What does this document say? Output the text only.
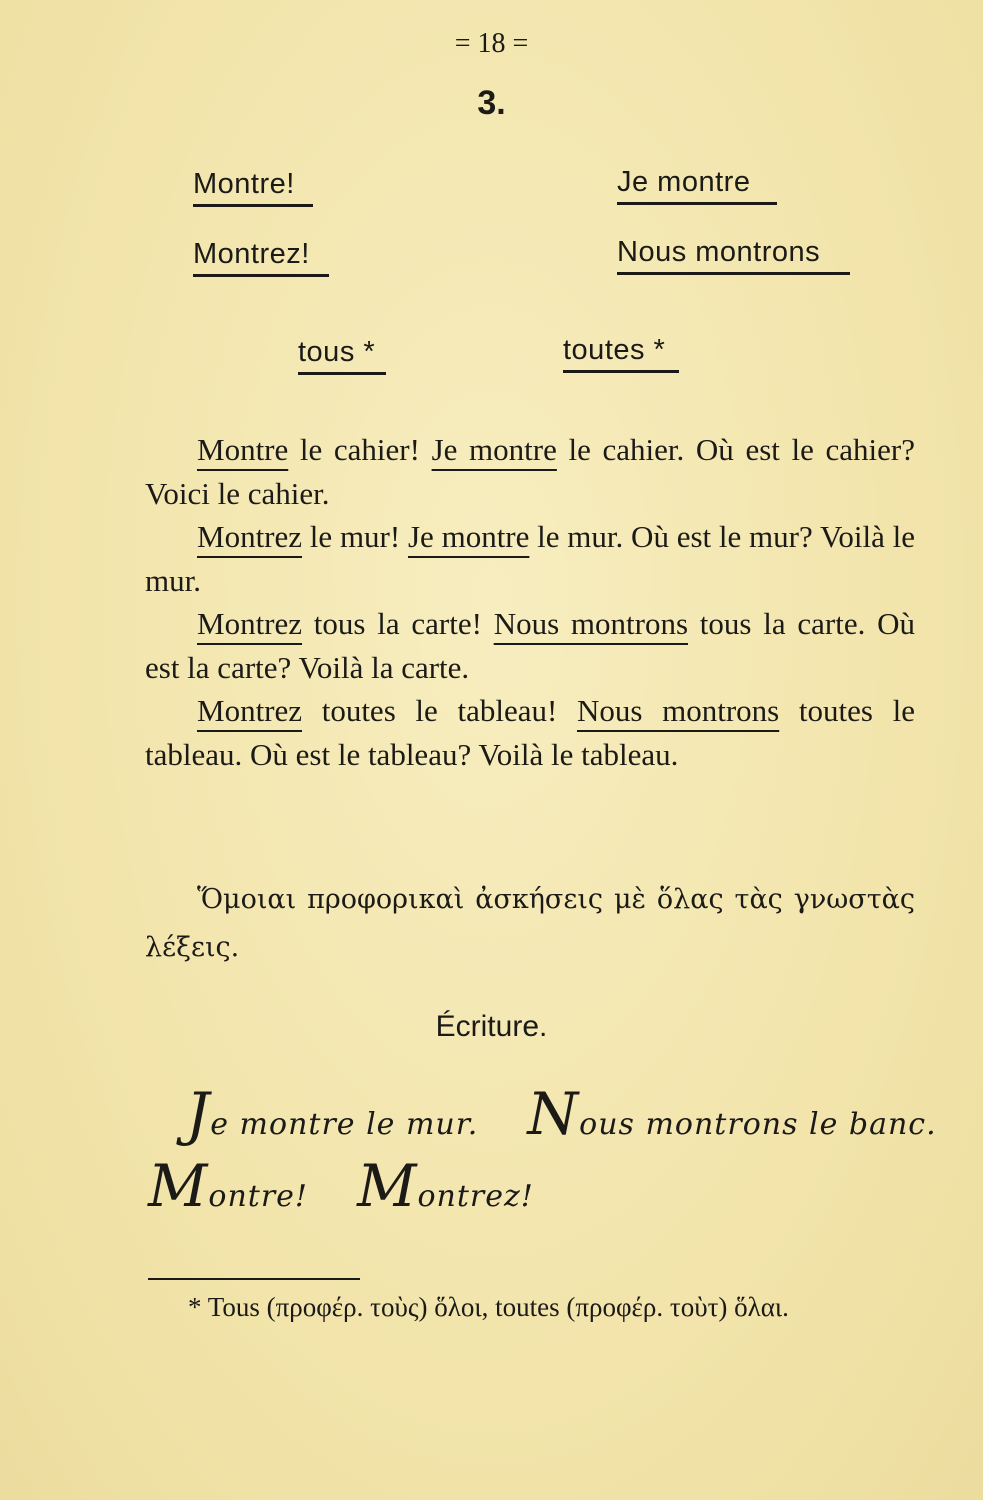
= 18 =
3.
Montre!	Je montre
Montrez!	Nous montrons
tous *	toutes *

Montre le cahier! Je montre le cahier. Où est le cahier? Voici le cahier.

Montrez le mur! Je montre le mur. Où est le mur? Voilà le mur.

Montrez tous la carte! Nous montrons tous la carte. Où est la carte? Voilà la carte.

Montrez toutes le tableau! Nous montrons toutes le tableau. Où est le tableau? Voilà le tableau.

Ὅμοιαι προφορικαὶ ἀσκήσεις μὲ ὅλας τὰς γνωστὰς λέξεις.
Écriture.
Je montre le mur. Nous montrons le banc.
Montre! Montrez!
* Tous (προφέρ. τοὺς) ὅλοι, toutes (προφέρ. τοὺτ) ὅλαι.
